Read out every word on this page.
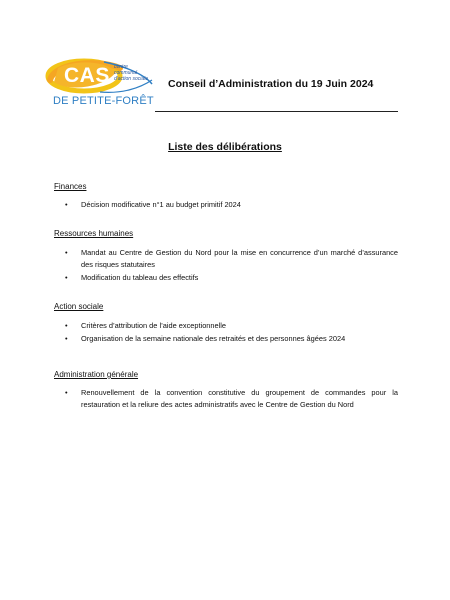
CAS centre
communal
d'action sociale
DE PETITE-FORÊT
Conseil d’Administration du 19 Juin 2024
Liste des délibérations
Finances
• Décision modificative n°1 au budget primitif 2024
Ressources humaines
• Mandat au Centre de Gestion du Nord pour la mise en concurrence d’un marché d’assurance des risques statutaires
• Modification du tableau des effectifs
Action sociale
• Critères d’attribution de l’aide exceptionnelle
• Organisation de la semaine nationale des retraités et des personnes âgées 2024
Administration générale
• Renouvellement de la convention constitutive du groupement de commandes pour la restauration et la reliure des actes administratifs avec le Centre de Gestion du Nord
